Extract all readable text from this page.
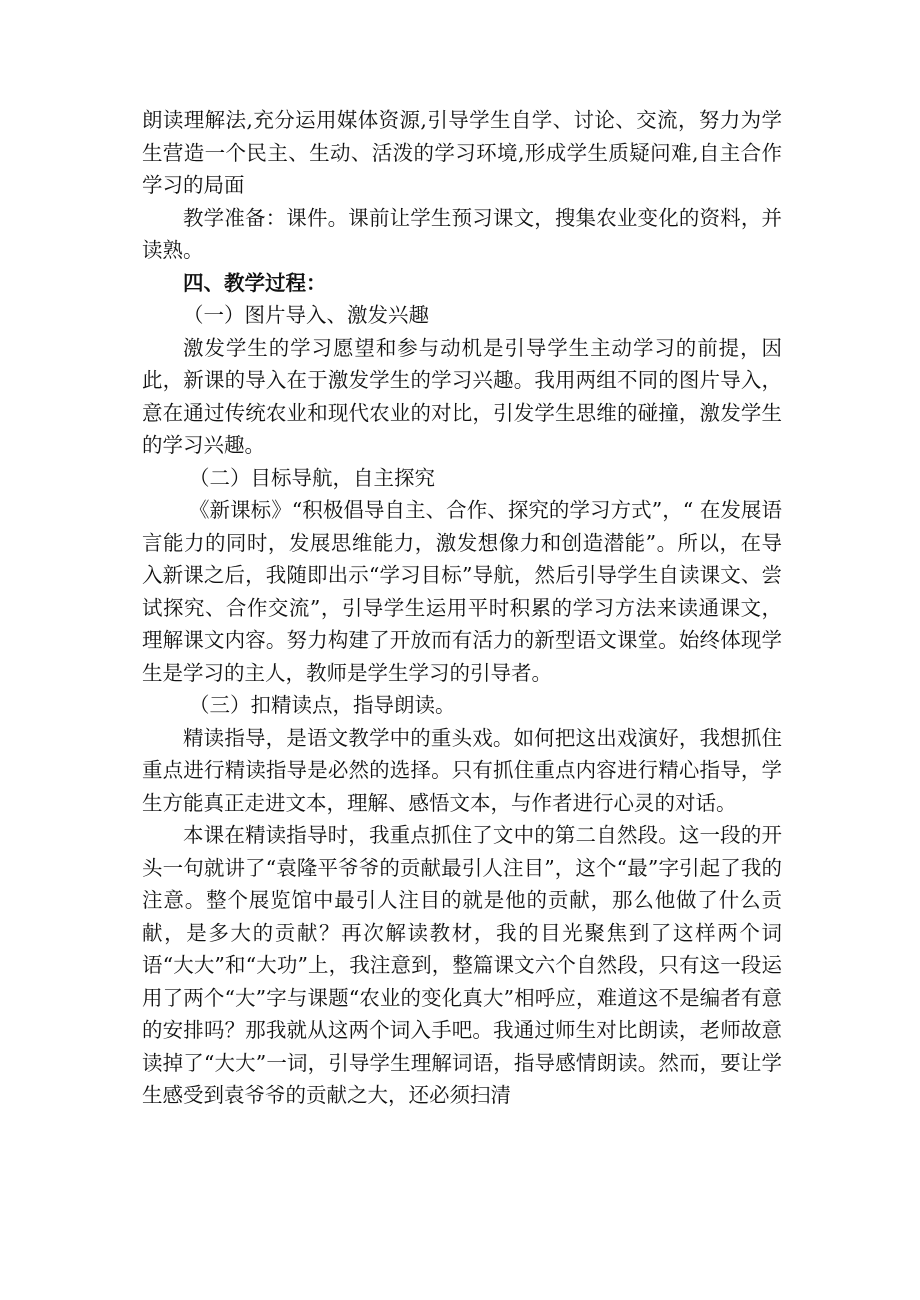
朗读理解法,充分运用媒体资源,引导学生自学、讨论、交流，努力为学生营造一个民主、生动、活泼的学习环境,形成学生质疑问难,自主合作学习的局面

教学准备：课件。课前让学生预习课文，搜集农业变化的资料，并读熟。

四、教学过程：

（一）图片导入、激发兴趣

激发学生的学习愿望和参与动机是引导学生主动学习的前提，因此，新课的导入在于激发学生的学习兴趣。我用两组不同的图片导入，意在通过传统农业和现代农业的对比，引发学生思维的碰撞，激发学生的学习兴趣。

（二）目标导航，自主探究

《新课标》“积极倡导自主、合作、探究的学习方式”，“ 在发展语言能力的同时，发展思维能力，激发想像力和创造潜能”。所以，在导入新课之后，我随即出示“学习目标”导航，然后引导学生自读课文、尝试探究、合作交流”，引导学生运用平时积累的学习方法来读通课文，理解课文内容。努力构建了开放而有活力的新型语文课堂。始终体现学生是学习的主人，教师是学生学习的引导者。

（三）扣精读点，指导朗读。

精读指导，是语文教学中的重头戏。如何把这出戏演好，我想抓住重点进行精读指导是必然的选择。只有抓住重点内容进行精心指导，学生方能真正走进文本，理解、感悟文本，与作者进行心灵的对话。

本课在精读指导时，我重点抓住了文中的第二自然段。这一段的开头一句就讲了“袁隆平爷爷的贡献最引人注目”，这个“最”字引起了我的注意。整个展览馆中最引人注目的就是他的贡献，那么他做了什么贡献，是多大的贡献？再次解读教材，我的目光聚焦到了这样两个词语“大大”和“大功”上，我注意到，整篇课文六个自然段，只有这一段运用了两个“大”字与课题“农业的变化真大”相呼应，难道这不是编者有意的安排吗？那我就从这两个词入手吧。我通过师生对比朗读，老师故意读掉了“大大”一词，引导学生理解词语，指导感情朗读。然而，要让学生感受到袁爷爷的贡献之大，还必须扫清
